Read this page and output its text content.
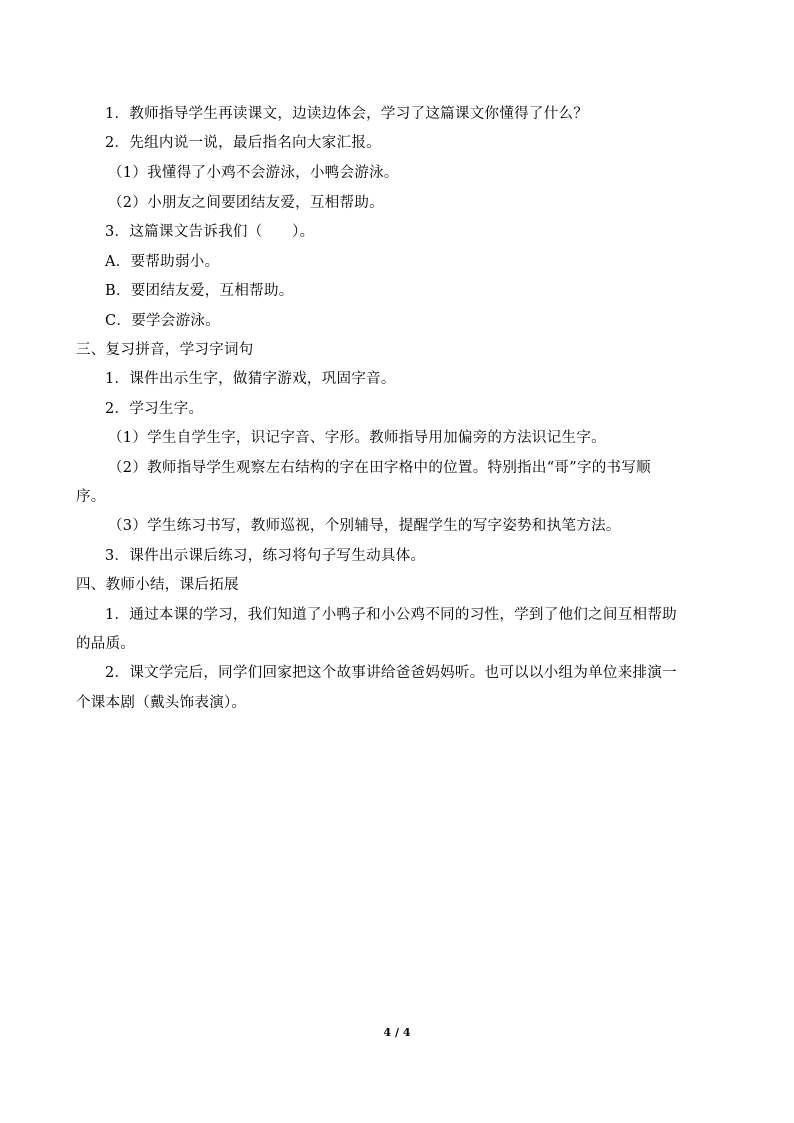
1．教师指导学生再读课文，边读边体会，学习了这篇课文你懂得了什么？
2．先组内说一说，最后指名向大家汇报。
（1）我懂得了小鸡不会游泳，小鸭会游泳。
（2）小朋友之间要团结友爱，互相帮助。
3．这篇课文告诉我们（　　）。
A．要帮助弱小。
B．要团结友爱，互相帮助。
C．要学会游泳。
三、复习拼音，学习字词句
1．课件出示生字，做猜字游戏，巩固字音。
2．学习生字。
（1）学生自学生字，识记字音、字形。教师指导用加偏旁的方法识记生字。
（2）教师指导学生观察左右结构的字在田字格中的位置。特别指出“哥”字的书写顺
序。
（3）学生练习书写，教师巡视，个别辅导，提醒学生的写字姿势和执笔方法。
3．课件出示课后练习，练习将句子写生动具体。
四、教师小结，课后拓展
1．通过本课的学习，我们知道了小鸭子和小公鸡不同的习性，学到了他们之间互相帮助
的品质。
2．课文学完后，同学们回家把这个故事讲给爸爸妈妈听。也可以以小组为单位来排演一
个课本剧（戴头饰表演）。
4 / 4
